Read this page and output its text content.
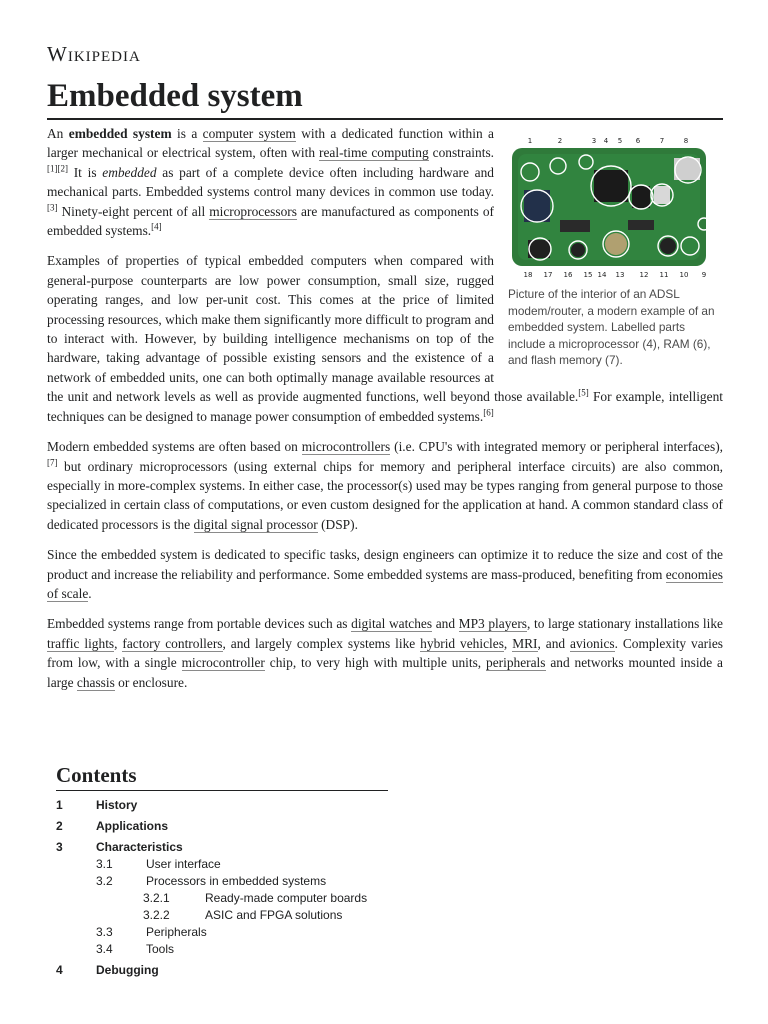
Wikipedia
Embedded system
1	2	3 4 5 6	7	8
18 17 16 15 14 13 12 11 10 9
Picture of the interior of an ADSL modem/router, a modern example of an embedded system. Labelled parts include a microprocessor (4), RAM (6), and flash memory (7).

An embedded system is a computer system with a dedicated function within a larger mechanical or electrical system, often with real-time computing constraints.[1][2] It is embedded as part of a complete device often including hardware and mechanical parts. Embedded systems control many devices in common use today.[3] Ninety-eight percent of all microprocessors are manufactured as components of embedded systems.[4]

Examples of properties of typical embedded computers when compared with general-purpose counterparts are low power consumption, small size, rugged operating ranges, and low per-unit cost. This comes at the price of limited processing resources, which make them significantly more difficult to program and to interact with. However, by building intelligence mechanisms on top of the hardware, taking advantage of possible existing sensors and the existence of a network of embedded units, one can both optimally manage available resources at the unit and network levels as well as provide augmented functions, well beyond those available.[5] For example, intelligent techniques can be designed to manage power consumption of embedded systems.[6]

Modern embedded systems are often based on microcontrollers (i.e. CPU's with integrated memory or peripheral interfaces),[7] but ordinary microprocessors (using external chips for memory and peripheral interface circuits) are also common, especially in more-complex systems. In either case, the processor(s) used may be types ranging from general purpose to those specialized in certain class of computations, or even custom designed for the application at hand. A common standard class of dedicated processors is the digital signal processor (DSP).

Since the embedded system is dedicated to specific tasks, design engineers can optimize it to reduce the size and cost of the product and increase the reliability and performance. Some embedded systems are mass-produced, benefiting from economies of scale.

Embedded systems range from portable devices such as digital watches and MP3 players, to large stationary installations like traffic lights, factory controllers, and largely complex systems like hybrid vehicles, MRI, and avionics. Complexity varies from low, with a single microcontroller chip, to very high with multiple units, peripherals and networks mounted inside a large chassis or enclosure.

Contents
1	History
2	Applications
3	Characteristics
3.1	User interface
3.2	Processors in embedded systems
3.2.1	Ready-made computer boards
3.2.2	ASIC and FPGA solutions
3.3	Peripherals
3.4	Tools
4	Debugging
